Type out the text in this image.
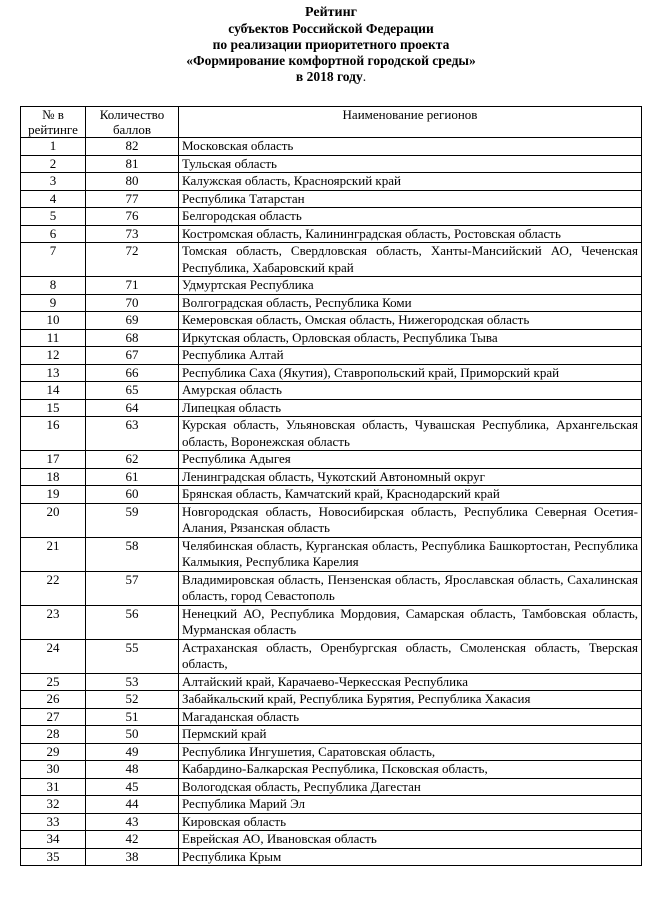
Рейтинг
субъектов Российской Федерации
по реализации приоритетного проекта
«Формирование комфортной городской среды»
в 2018 году.
№ в рейтинге	Количество баллов	Наименование регионов
1	82	Московская область
2	81	Тульская область
3	80	Калужская область, Красноярский край
4	77	Республика Татарстан
5	76	Белгородская область
6	73	Костромская область, Калининградская область, Ростовская область
7	72	Томская область, Свердловская область, Ханты-Мансийский АО, Чеченская Республика, Хабаровский край
8	71	Удмуртская Республика
9	70	Волгоградская область, Республика Коми
10	69	Кемеровская область, Омская область, Нижегородская область
11	68	Иркутская область, Орловская область, Республика Тыва
12	67	Республика Алтай
13	66	Республика Саха (Якутия), Ставропольский край, Приморский край
14	65	Амурская область
15	64	Липецкая область
16	63	Курская область, Ульяновская область, Чувашская Республика, Архангельская область, Воронежская область
17	62	Республика Адыгея
18	61	Ленинградская область, Чукотский Автономный округ
19	60	Брянская область, Камчатский край, Краснодарский край
20	59	Новгородская область, Новосибирская область, Республика Северная Осетия-Алания, Рязанская область
21	58	Челябинская область, Курганская область, Республика Башкортостан, Республика Калмыкия, Республика Карелия
22	57	Владимировская область, Пензенская область, Ярославская область, Сахалинская область, город Севастополь
23	56	Ненецкий АО, Республика Мордовия, Самарская область, Тамбовская область, Мурманская область
24	55	Астраханская область, Оренбургская область, Смоленская область, Тверская область,
25	53	Алтайский край, Карачаево-Черкесская Республика
26	52	Забайкальский край, Республика Бурятия, Республика Хакасия
27	51	Магаданская область
28	50	Пермский край
29	49	Республика Ингушетия, Саратовская область,
30	48	Кабардино-Балкарская Республика, Псковская область,
31	45	Вологодская область, Республика Дагестан
32	44	Республика Марий Эл
33	43	Кировская область
34	42	Еврейская АО, Ивановская область
35	38	Республика Крым
